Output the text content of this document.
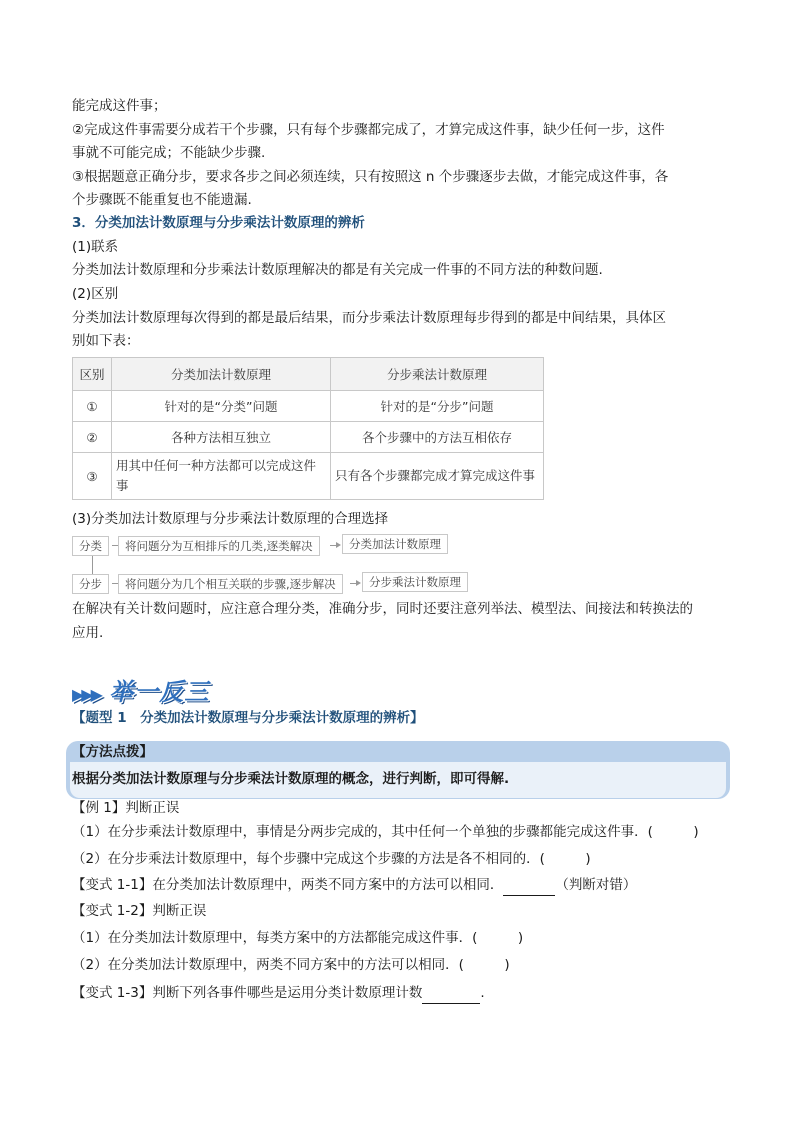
能完成这件事；
②完成这件事需要分成若干个步骤，只有每个步骤都完成了，才算完成这件事，缺少任何一步，这件
事就不可能完成；不能缺少步骤.
③根据题意正确分步，要求各步之间必须连续，只有按照这 n 个步骤逐步去做，才能完成这件事，各
个步骤既不能重复也不能遗漏.
3．分类加法计数原理与分步乘法计数原理的辨析
(1)联系
分类加法计数原理和分步乘法计数原理解决的都是有关完成一件事的不同方法的种数问题.
(2)区别
分类加法计数原理每次得到的都是最后结果，而分步乘法计数原理每步得到的都是中间结果，具体区
别如下表：
区别	分类加法计数原理	分步乘法计数原理
①	针对的是“分类”问题	针对的是“分步”问题
②	各种方法相互独立	各个步骤中的方法互相依存
③	用其中任何一种方法都可以完成这件事	只有各个步骤都完成才算完成这件事
(3)分类加法计数原理与分步乘法计数原理的合理选择
分类	将问题分为互相排斥的几类,逐类解决	分类加法计数原理
分步	将问题分为几个相互关联的步骤,逐步解决	分步乘法计数原理
在解决有关计数问题时，应注意合理分类，准确分步，同时还要注意列举法、模型法、间接法和转换法的
应用.
▶▶▶ 举一反三
【题型 1　分类加法计数原理与分步乘法计数原理的辨析】
【方法点拨】
根据分类加法计数原理与分步乘法计数原理的概念，进行判断，即可得解.
【例 1】判断正误
（1）在分步乘法计数原理中，事情是分两步完成的，其中任何一个单独的步骤都能完成这件事．(　　　)
（2）在分步乘法计数原理中，每个步骤中完成这个步骤的方法是各不相同的．(　　　)
【变式 1-1】在分类加法计数原理中，两类不同方案中的方法可以相同．	（判断对错）
【变式 1-2】判断正误
（1）在分类加法计数原理中，每类方案中的方法都能完成这件事．(　　　)
（2）在分类加法计数原理中，两类不同方案中的方法可以相同．(　　　)
【变式 1-3】判断下列各事件哪些是运用分类计数原理计数	.
